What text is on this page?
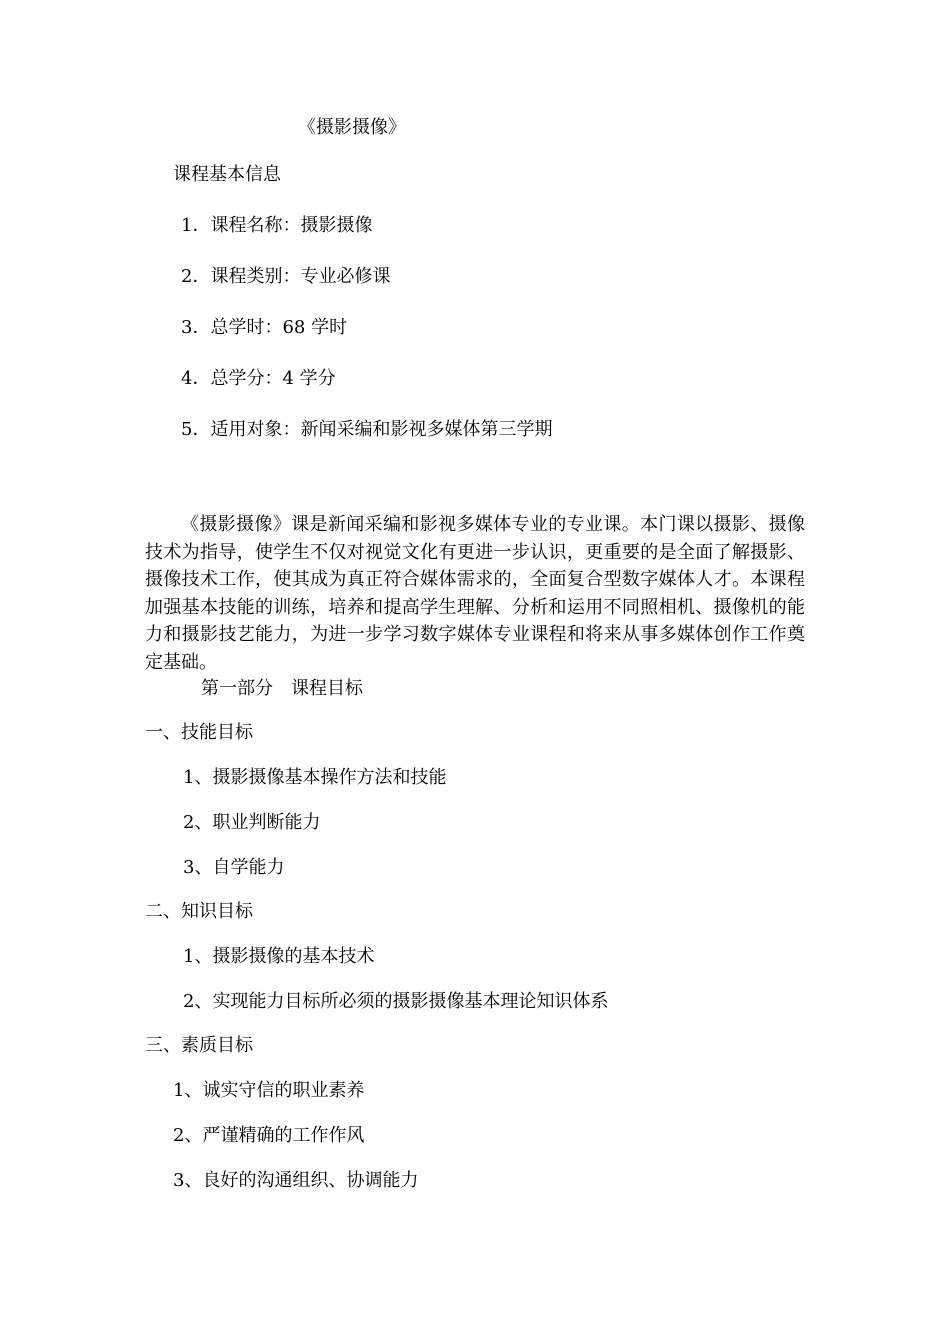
《摄影摄像》
课程基本信息
1．课程名称：摄影摄像
2．课程类别：专业必修课
3．总学时：68 学时
4．总学分：4 学分
5．适用对象：新闻采编和影视多媒体第三学期
《摄影摄像》课是新闻采编和影视多媒体专业的专业课。本门课以摄影、摄像技术为指导，使学生不仅对视觉文化有更进一步认识，更重要的是全面了解摄影、摄像技术工作，使其成为真正符合媒体需求的，全面复合型数字媒体人才。本课程加强基本技能的训练，培养和提高学生理解、分析和运用不同照相机、摄像机的能力和摄影技艺能力，为进一步学习数字媒体专业课程和将来从事多媒体创作工作奠定基础。
第一部分　课程目标
一、技能目标
1、摄影摄像基本操作方法和技能
2、职业判断能力
3、自学能力
二、知识目标
1、摄影摄像的基本技术
2、实现能力目标所必须的摄影摄像基本理论知识体系
三、素质目标
1、诚实守信的职业素养
2、严谨精确的工作作风
3、良好的沟通组织、协调能力
